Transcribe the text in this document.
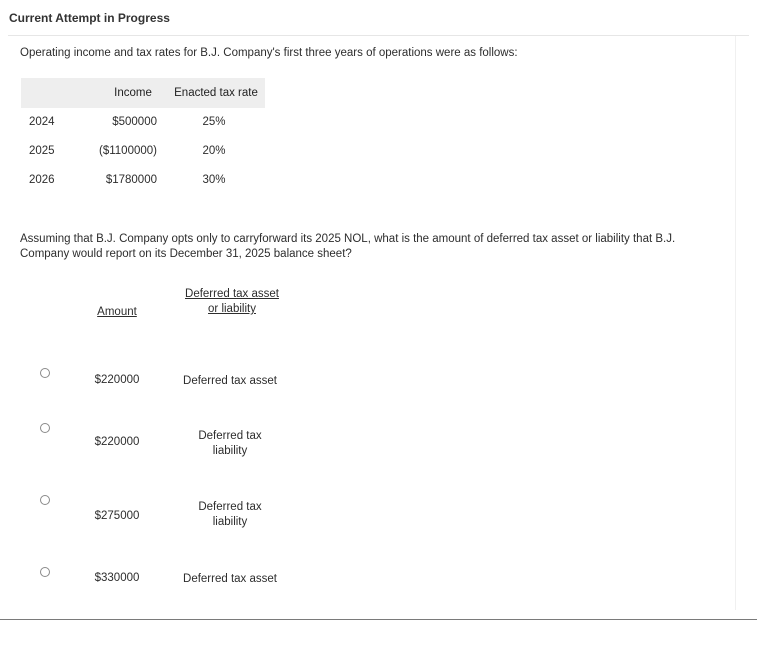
Current Attempt in Progress
Operating income and tax rates for B.J. Company's first three years of operations were as follows:
Income	Enacted tax rate
2024	$500000	25%
2025	($1100000)	20%
2026	$1780000	30%
Assuming that B.J. Company opts only to carryforward its 2025 NOL, what is the amount of deferred tax asset or liability that B.J. Company would report on its December 31, 2025 balance sheet?
Amount
Deferred tax asset
or liability
$220000	Deferred tax asset
$220000	Deferred tax
liability
$275000
Deferred tax
liability
$330000	Deferred tax asset
